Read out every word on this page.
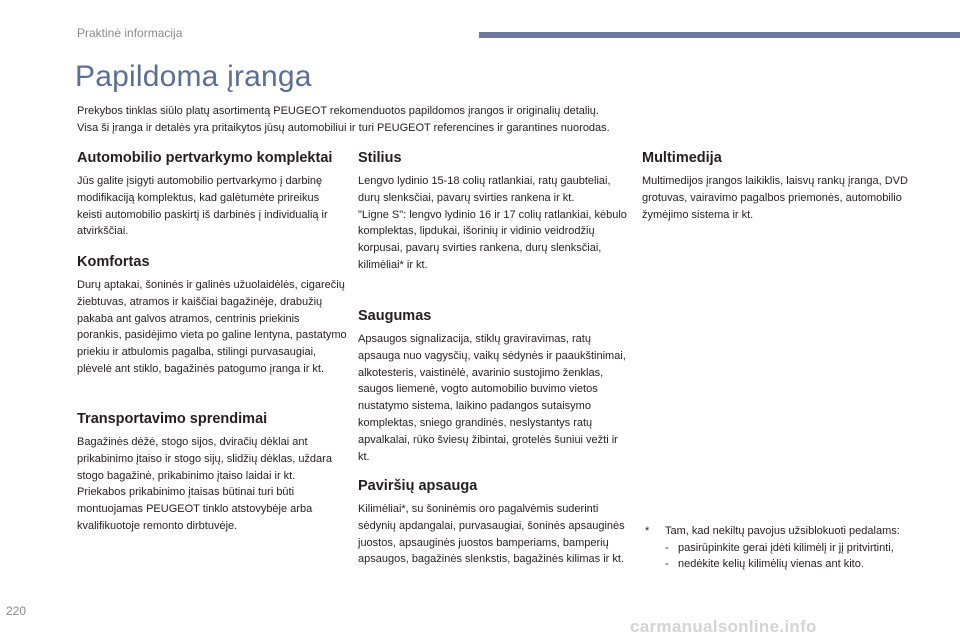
Praktinė informacija
Papildoma įranga

Prekybos tinklas siūlo platų asortimentą PEUGEOT rekomenduotos papildomos įrangos ir originalių detalių.

Visa ši įranga ir detalės yra pritaikytos jūsų automobiliui ir turi PEUGEOT referencines ir garantines nuorodas.

Automobilio pertvarkymo komplektai

Jūs galite įsigyti automobilio pertvarkymo į darbinę modifikaciją komplektus, kad galėtumėte prireikus keisti automobilio paskirtį iš darbinės į individualią ir atvirkščiai.

Komfortas

Durų aptakai, šoninės ir galinės užuolaidėlės, cigarečių žiebtuvas, atramos ir kaiščiai bagažinėje, drabužių pakaba ant galvos atramos, centrinis priekinis porankis, pasidėjimo vieta po galine lentyna, pastatymo priekiu ir atbulomis pagalba, stilingi purvasaugiai, plėvelė ant stiklo, bagažinės patogumo įranga ir kt.

Transportavimo sprendimai

Bagažinės dėžė, stogo sijos, dviračių dėklai ant prikabinimo įtaiso ir stogo sijų, slidžių dėklas, uždara stogo bagažinė, prikabinimo įtaiso laidai ir kt.

Priekabos prikabinimo įtaisas būtinai turi būti montuojamas PEUGEOT tinklo atstovybėje arba kvalifikuotoje remonto dirbtuvėje.

Stilius

Lengvo lydinio 15-18 colių ratlankiai, ratų gaubteliai, durų slenksčiai, pavarų svirties rankena ir kt.

"Ligne S": lengvo lydinio 16 ir 17 colių ratlankiai, kėbulo komplektas, lipdukai, išorinių ir vidinio veidrodžių korpusai, pavarų svirties rankena, durų slenksčiai, kilimėliai* ir kt.

Saugumas

Apsaugos signalizacija, stiklų graviravimas, ratų apsauga nuo vagysčių, vaikų sėdynės ir paaukštinimai, alkotesteris, vaistinėlė, avarinio sustojimo ženklas, saugos liemenė, vogto automobilio buvimo vietos nustatymo sistema, laikino padangos sutaisymo komplektas, sniego grandinės, neslystantys ratų apvalkalai, rūko šviesų žibintai, grotelės šuniui vežti ir kt.

Paviršių apsauga

Kilimėliai*, su šoninėmis oro pagalvėmis suderinti sėdynių apdangalai, purvasaugiai, šoninės apsauginės juostos, apsauginės juostos bamperiams, bamperių apsaugos, bagažinės slenkstis, bagažinės kilimas ir kt.

Multimedija

Multimedijos įrangos laikiklis, laisvų rankų įranga, DVD grotuvas, vairavimo pagalbos priemonės, automobilio žymėjimo sistema ir kt.

* Tam, kad nekiltų pavojus užsiblokuoti pedalams:
- pasirūpinkite gerai įdėti kilimėlį ir jį pritvirtinti,
- nedėkite kelių kilimėlių vienas ant kito.
220
carmanualsonline.info
